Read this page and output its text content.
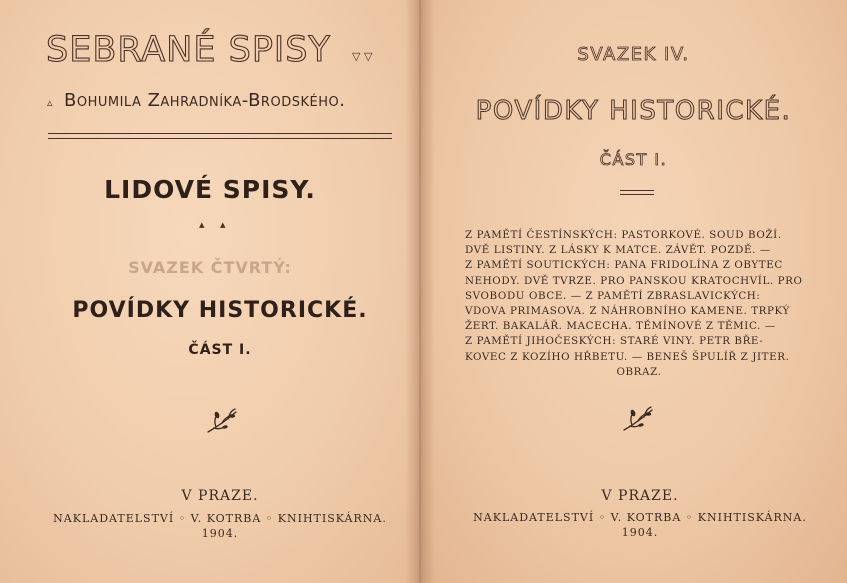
SEBRANÉ SPISY ▽ ▽
▵ Bohumila Zahradníka-Brodského.
LIDOVÉ SPISY.
▴ ▴
SVAZEK ČTVRTÝ:
POVÍDKY HISTORICKÉ.
ČÁST I.
V PRAZE.
NAKLADATELSTVÍ ◦ V. KOTRBA ◦ KNIHTISKÁRNA.
1904.
SVAZEK IV.
POVÍDKY HISTORICKÉ.
ČÁST I.
Z PAMĚTÍ ČESTÍNSKÝCH: PASTORKOVÉ. SOUD BOŽÍ.
DVĚ LISTINY. Z LÁSKY K MATCE. ZÁVĚT. POZDĚ. —
Z PAMĚTÍ SOUTICKÝCH: PANA FRIDOLÍNA Z OBYTEC
NEHODY. DVĚ TVRZE. PRO PANSKOU KRATOCHVÍL. PRO
SVOBODU OBCE. — Z PAMĚTÍ ZBRASLAVICKÝCH:
VDOVA PRIMASOVA. Z NÁHROBNÍHO KAMENE. TRPKÝ
ŽERT. BAKALÁŘ. MACECHA. TĚMÍNOVÉ Z TĚMIC. —
Z PAMĚTÍ JIHOČESKÝCH: STARÉ VINY. PETR BŘE-
KOVEC Z KOZÍHO HŘBETU. — BENEŠ ŠPULÍŘ Z JITER.
OBRAZ.
V PRAZE.
NAKLADATELSTVÍ ◦ V. KOTRBA ◦ KNIHTISKÁRNA.
1904.
